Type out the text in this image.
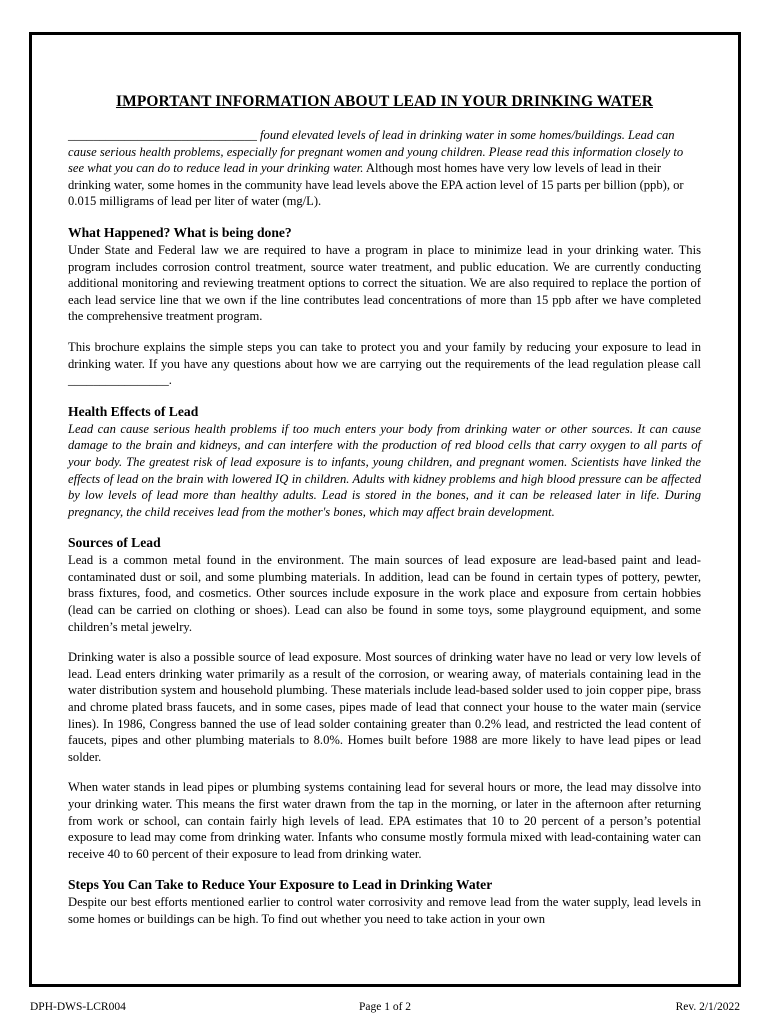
IMPORTANT INFORMATION ABOUT LEAD IN YOUR DRINKING WATER

______________________________ found elevated levels of lead in drinking water in some homes/buildings. Lead can cause serious health problems, especially for pregnant women and young children. Please read this information closely to see what you can do to reduce lead in your drinking water. Although most homes have very low levels of lead in their drinking water, some homes in the community have lead levels above the EPA action level of 15 parts per billion (ppb), or 0.015 milligrams of lead per liter of water (mg/L).

What Happened? What is being done?

Under State and Federal law we are required to have a program in place to minimize lead in your drinking water. This program includes corrosion control treatment, source water treatment, and public education. We are currently conducting additional monitoring and reviewing treatment options to correct the situation. We are also required to replace the portion of each lead service line that we own if the line contributes lead concentrations of more than 15 ppb after we have completed the comprehensive treatment program.

This brochure explains the simple steps you can take to protect you and your family by reducing your exposure to lead in drinking water. If you have any questions about how we are carrying out the requirements of the lead regulation please call ________________.

Health Effects of Lead

Lead can cause serious health problems if too much enters your body from drinking water or other sources. It can cause damage to the brain and kidneys, and can interfere with the production of red blood cells that carry oxygen to all parts of your body. The greatest risk of lead exposure is to infants, young children, and pregnant women. Scientists have linked the effects of lead on the brain with lowered IQ in children. Adults with kidney problems and high blood pressure can be affected by low levels of lead more than healthy adults. Lead is stored in the bones, and it can be released later in life. During pregnancy, the child receives lead from the mother's bones, which may affect brain development.

Sources of Lead

Lead is a common metal found in the environment. The main sources of lead exposure are lead-based paint and lead-contaminated dust or soil, and some plumbing materials. In addition, lead can be found in certain types of pottery, pewter, brass fixtures, food, and cosmetics. Other sources include exposure in the work place and exposure from certain hobbies (lead can be carried on clothing or shoes). Lead can also be found in some toys, some playground equipment, and some children’s metal jewelry.

Drinking water is also a possible source of lead exposure. Most sources of drinking water have no lead or very low levels of lead. Lead enters drinking water primarily as a result of the corrosion, or wearing away, of materials containing lead in the water distribution system and household plumbing. These materials include lead-based solder used to join copper pipe, brass and chrome plated brass faucets, and in some cases, pipes made of lead that connect your house to the water main (service lines). In 1986, Congress banned the use of lead solder containing greater than 0.2% lead, and restricted the lead content of faucets, pipes and other plumbing materials to 8.0%. Homes built before 1988 are more likely to have lead pipes or lead solder.

When water stands in lead pipes or plumbing systems containing lead for several hours or more, the lead may dissolve into your drinking water. This means the first water drawn from the tap in the morning, or later in the afternoon after returning from work or school, can contain fairly high levels of lead. EPA estimates that 10 to 20 percent of a person’s potential exposure to lead may come from drinking water. Infants who consume mostly formula mixed with lead-containing water can receive 40 to 60 percent of their exposure to lead from drinking water.

Steps You Can Take to Reduce Your Exposure to Lead in Drinking Water

Despite our best efforts mentioned earlier to control water corrosivity and remove lead from the water supply, lead levels in some homes or buildings can be high. To find out whether you need to take action in your own

DPH-DWS-LCR004	Page 1 of 2	Rev. 2/1/2022
